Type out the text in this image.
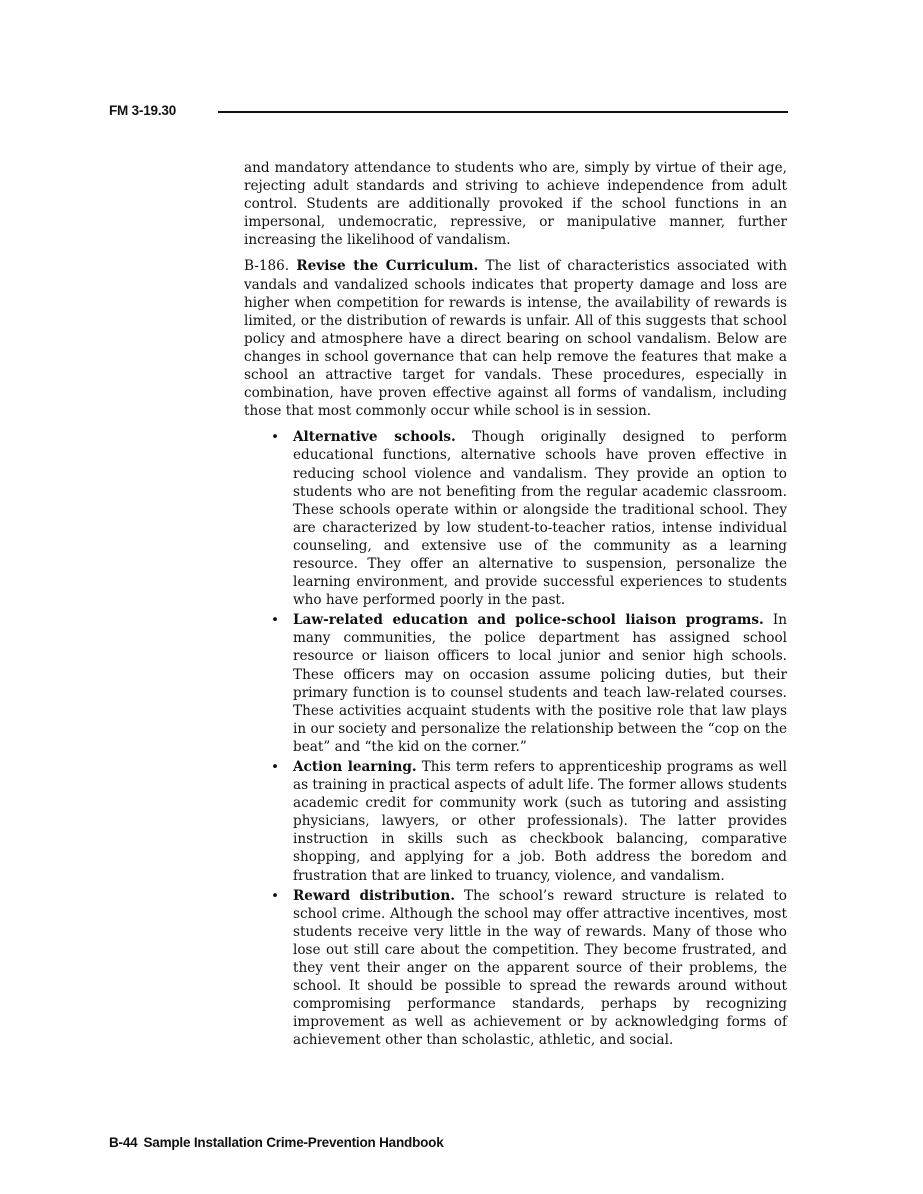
FM 3-19.30

and mandatory attendance to students who are, simply by virtue of their age, rejecting adult standards and striving to achieve independence from adult control. Students are additionally provoked if the school functions in an impersonal, undemocratic, repressive, or manipulative manner, further increasing the likelihood of vandalism.

B-186. Revise the Curriculum. The list of characteristics associated with vandals and vandalized schools indicates that property damage and loss are higher when competition for rewards is intense, the availability of rewards is limited, or the distribution of rewards is unfair. All of this suggests that school policy and atmosphere have a direct bearing on school vandalism. Below are changes in school governance that can help remove the features that make a school an attractive target for vandals. These procedures, especially in combination, have proven effective against all forms of vandalism, including those that most commonly occur while school is in session.

• Alternative schools. Though originally designed to perform educational functions, alternative schools have proven effective in reducing school violence and vandalism. They provide an option to students who are not benefiting from the regular academic classroom. These schools operate within or alongside the traditional school. They are characterized by low student-to-teacher ratios, intense individual counseling, and extensive use of the community as a learning resource. They offer an alternative to suspension, personalize the learning environment, and provide successful experiences to students who have performed poorly in the past.
• Law-related education and police-school liaison programs. In many communities, the police department has assigned school resource or liaison officers to local junior and senior high schools. These officers may on occasion assume policing duties, but their primary function is to counsel students and teach law-related courses. These activities acquaint students with the positive role that law plays in our society and personalize the relationship between the “cop on the beat” and “the kid on the corner.”
• Action learning. This term refers to apprenticeship programs as well as training in practical aspects of adult life. The former allows students academic credit for community work (such as tutoring and assisting physicians, lawyers, or other professionals). The latter provides instruction in skills such as checkbook balancing, comparative shopping, and applying for a job. Both address the boredom and frustration that are linked to truancy, violence, and vandalism.
• Reward distribution. The school’s reward structure is related to school crime. Although the school may offer attractive incentives, most students receive very little in the way of rewards. Many of those who lose out still care about the competition. They become frustrated, and they vent their anger on the apparent source of their problems, the school. It should be possible to spread the rewards around without compromising performance standards, perhaps by recognizing improvement as well as achievement or by acknowledging forms of achievement other than scholastic, athletic, and social.
B-44 Sample Installation Crime-Prevention Handbook
